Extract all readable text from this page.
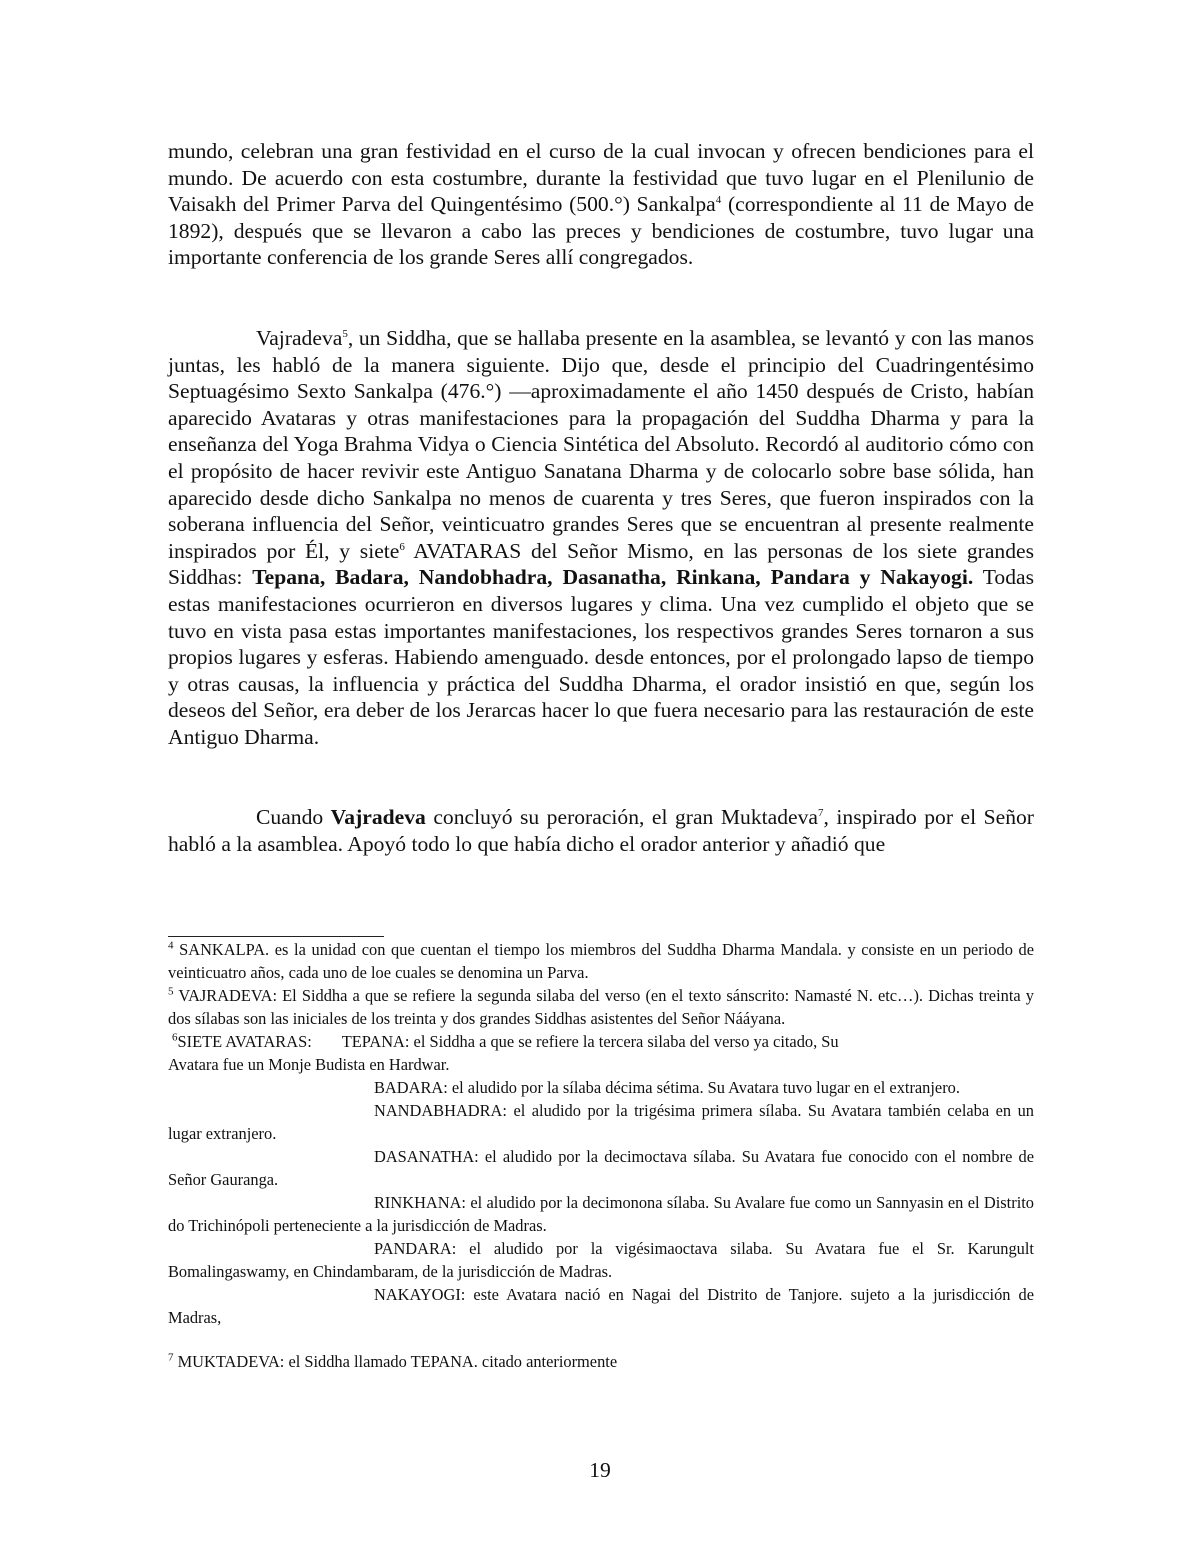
mundo, celebran una gran festividad en el curso de la cual invocan y ofrecen bendiciones para el mundo. De acuerdo con esta costumbre, durante la festividad que tuvo lugar en el Plenilunio de Vaisakh del Primer Parva del Quingentésimo (500.°) Sankalpa$^4$ (correspondiente al 11 de Mayo de 1892), después que se llevaron a cabo las preces y bendiciones de costumbre, tuvo lugar una importante conferencia de los grande Seres allí congregados.

Vajradeva$^5$, un Siddha, que se hallaba presente en la asamblea, se levantó y con las manos juntas, les habló de la manera siguiente. Dijo que, desde el principio del Cuadringentésimo Septuagésimo Sexto Sankalpa (476.°) —aproximadamente el año 1450 después de Cristo, habían aparecido Avataras y otras manifestaciones para la propagación del Suddha Dharma y para la enseñanza del Yoga Brahma Vidya o Ciencia Sintética del Absoluto. Recordó al auditorio cómo con el propósito de hacer revivir este Antiguo Sanatana Dharma y de colocarlo sobre base sólida, han aparecido desde dicho Sankalpa no menos de cuarenta y tres Seres, que fueron inspirados con la soberana influencia del Señor, veinticuatro grandes Seres que se encuentran al presente realmente inspirados por Él, y siete$^6$ AVATARAS del Señor Mismo, en las personas de los siete grandes Siddhas: Tepana, Badara, Nandobhadra, Dasanatha, Rinkana, Pandara y Nakayogi. Todas estas manifestaciones ocurrieron en diversos lugares y clima. Una vez cumplido el objeto que se tuvo en vista pasa estas importantes manifestaciones, los respectivos grandes Seres tornaron a sus propios lugares y esferas. Habiendo amenguado. desde entonces, por el prolongado lapso de tiempo y otras causas, la influencia y práctica del Suddha Dharma, el orador insistió en que, según los deseos del Señor, era deber de los Jerarcas hacer lo que fuera necesario para las restauración de este Antiguo Dharma.

Cuando Vajradeva concluyó su peroración, el gran Muktadeva$^7$, inspirado por el Señor habló a la asamblea. Apoyó todo lo que había dicho el orador anterior y añadió que

$^4$ SANKALPA. es la unidad con que cuentan el tiempo los miembros del Suddha Dharma Mandala. y consiste en un periodo de veinticuatro años, cada uno de loe cuales se denomina un Parva.

$^5$ VAJRADEVA: El Siddha a que se refiere la segunda silaba del verso (en el texto sánscrito: Namasté N. etc…). Dichas treinta y dos sílabas son las iniciales de los treinta y dos grandes Siddhas asistentes del Señor Nááyana.

$^6$SIETE AVATARAS: TEPANA: el Siddha a que se refiere la tercera silaba del verso ya citado, Su

Avatara fue un Monje Budista en Hardwar.

BADARA: el aludido por la sílaba décima sétima. Su Avatara tuvo lugar en el extranjero.

NANDABHADRA: el aludido por la trigésima primera sílaba. Su Avatara también celaba en un lugar extranjero.

DASANATHA: el aludido por la decimoctava sílaba. Su Avatara fue conocido con el nombre de Señor Gauranga.

RINKHANA: el aludido por la decimonona sílaba. Su Avalare fue como un Sannyasin en el Distrito do Trichinópoli perteneciente a la jurisdicción de Madras.

PANDARA: el aludido por la vigésimaoctava silaba. Su Avatara fue el Sr. Karungult Bomalingaswamy, en Chindambaram, de la jurisdicción de Madras.

NAKAYOGI: este Avatara nació en Nagai del Distrito de Tanjore. sujeto a la jurisdicción de Madras,

$^7$ MUKTADEVA: el Siddha llamado TEPANA. citado anteriormente

19
